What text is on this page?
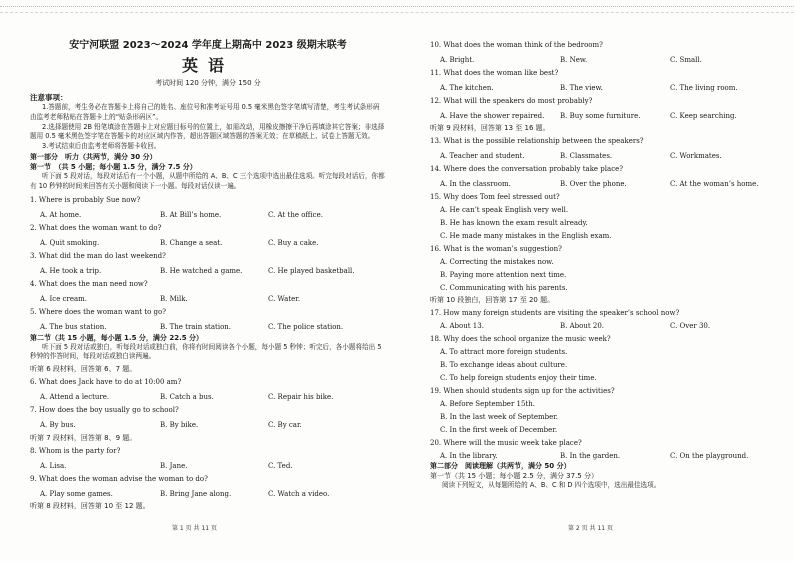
安宁河联盟 2023～2024 学年度上期高中 2023 级期末联考
英语
考试时间 120 分钟，满分 150 分
注意事项：
1.答题前，考生务必在答题卡上将自己的姓名、座位号和准考证号用 0.5 毫米黑色签字笔填写清楚，考生考试条形码由监考老师粘贴在答题卡上的“贴条形码区”。
2.选择题使用 2B 铅笔填涂在答题卡上对应题目标号的位置上，如需改动，用橡皮擦擦干净后再填涂其它答案；非选择题用 0.5 毫米黑色签字笔在答题卡的对应区域内作答，超出答题区域答题的答案无效；在草稿纸上、试卷上答题无效。
3.考试结束后由监考老师将答题卡收回。
第一部分　听力（共两节，满分 30 分）
第一节　（共 5 小题；每小题 1.5 分，满分 7.5 分）
听下面 5 段对话，每段对话后有一个小题，从题中所给的 A、B、C 三个选项中选出最佳选项。听完每段对话后，你都有 10 秒钟的时间来回答有关小题和阅读下一小题。每段对话仅读一遍。
1. Where is probably Sue now?
A. At home.	B. At Bill’s home.	C. At the office.
2. What does the woman want to do?
A. Quit smoking.	B. Change a seat.	C. Buy a cake.
3. What did the man do last weekend?
A. He took a trip.	B. He watched a game.	C. He played basketball.
4. What does the man need now?
A. Ice cream.	B. Milk.	C. Water.
5. Where does the woman want to go?
A. The bus station.	B. The train station.	C. The police station.
第二节（共 15 小题，每小题 1.5 分，满分 22.5 分）
听下面 5 段对话或独白，听每段对话或独白前，你将有时间阅读各个小题，每小题 5 秒钟；听完后，各小题将给出 5 秒钟的作答时间，每段对话或独白读两遍。
听第 6 段材料，回答第 6、7 题。
6. What does Jack have to do at 10:00 am?
A. Attend a lecture.	B. Catch a bus.	C. Repair his bike.
7. How does the boy usually go to school?
A. By bus.	B. By bike.	C. By car.
听第 7 段材料，回答第 8、9 题。
8. Whom is the party for?
A. Lisa.	B. Jane.	C. Ted.
9. What does the woman advise the woman to do?
A. Play some games.	B. Bring Jane along.	C. Watch a video.
听第 8 段材料，回答第 10 至 12 题。
10. What does the woman think of the bedroom?
A. Bright.	B. New.	C. Small.
11. What does the woman like best?
A. The kitchen.	B. The view.	C. The living room.
12. What will the speakers do most probably?
A. Have the shower repaired.	B. Buy some furniture.	C. Keep searching.
听第 9 段材料，回答第 13 至 16 题。
13. What is the possible relationship between the speakers?
A. Teacher and student.	B. Classmates.	C. Workmates.
14. Where does the conversation probably take place?
A. In the classroom.	B. Over the phone.	C. At the woman’s home.
15. Why does Tom feel stressed out?
A. He can’t speak English very well.
B. He has known the exam result already.
C. He made many mistakes in the English exam.
16. What is the woman’s suggestion?
A. Correcting the mistakes now.
B. Paying more attention next time.
C. Communicating with his parents.
听第 10 段独白，回答第 17 至 20 题。
17. How many foreign students are visiting the speaker’s school now?
A. About 13.	B. About 20.	C. Over 30.
18. Why does the school organize the music week?
A. To attract more foreign students.
B. To exchange ideas about culture.
C. To help foreign students enjoy their time.
19. When should students sign up for the activities?
A. Before September 15th.
B. In the last week of September.
C. In the first week of December.
20. Where will the music week take place?
A. In the library.	B. In the garden.	C. On the playground.
第二部分　阅读理解（共两节，满分 50 分）
第一节（共 15 小题；每小题 2.5 分，满分 37.5 分）
阅读下列短文，从每题所给的 A、B、C 和 D 四个选项中，选出最佳选项。
第 1 页 共 11 页	第 2 页 共 11 页
